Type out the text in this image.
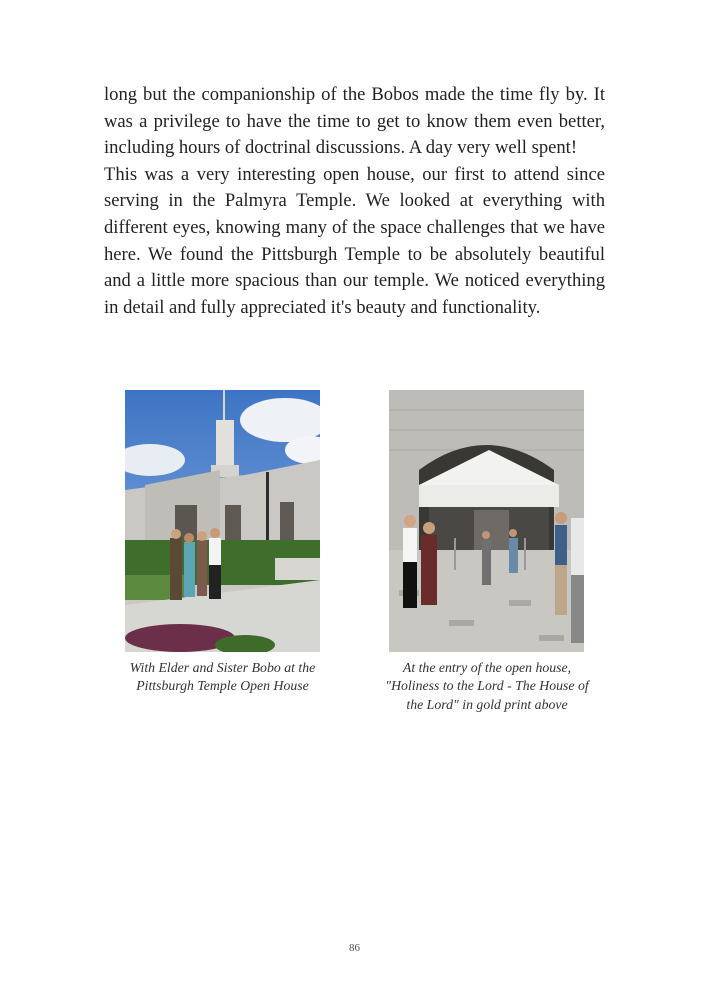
long but the companionship of the Bobos made the time fly by. It was a privilege to have the time to get to know them even better, including hours of doctrinal discussions. A day very well spent!

This was a very interesting open house, our first to attend since serving in the Palmyra Temple. We looked at everything with different eyes, knowing many of the space challenges that we have here. We found the Pittsburgh Temple to be absolutely beautiful and a little more spacious than our temple. We noticed everything in detail and fully appreciated it's beauty and functionality.

With Elder and Sister Bobo at the
Pittsburgh Temple Open House
At the entry of the open house,
"Holiness to the Lord - The House of
the Lord" in gold print above
86
